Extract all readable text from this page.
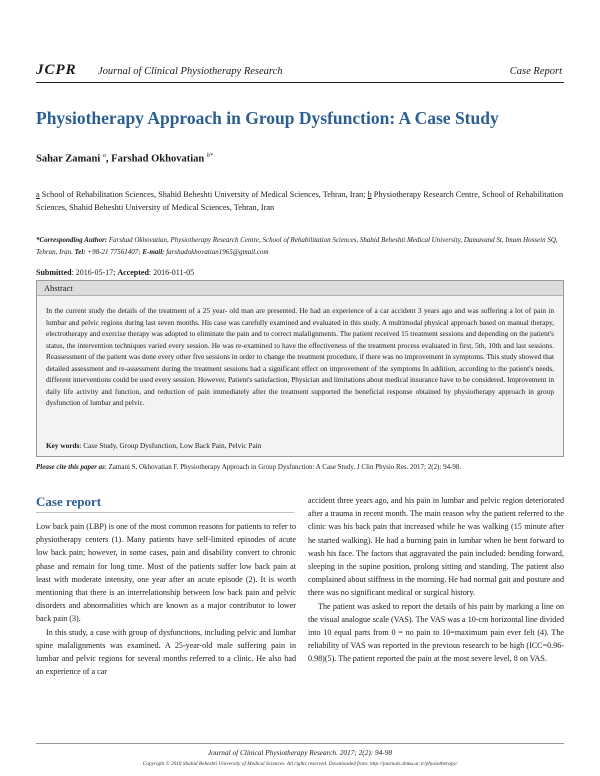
JCPR Journal of Clinical Physiotherapy Research	Case Report
Physiotherapy Approach in Group Dysfunction: A Case Study
Sahar Zamani $^a$, Farshad Okhovatian $^{b*}$
a School of Rehabilitation Sciences, Shahid Beheshti University of Medical Sciences, Tehran, Iran; b Physiotherapy Research Centre, School of Rehabilitation Sciences, Shahid Beheshti University of Medical Sciences, Tehran, Iran
*Corresponding Author: Farshad Okhovatian, Physiotherapy Research Centre, School of Rehabilitation Sciences, Shahid Beheshti Medical University, Damavand St, Imam Hossein SQ, Tehran, Iran. Tel: +98-21 77561407; E-mail: farshadokhovatian1965@gmail.com
Submitted: 2016-05-17; Accepted: 2016-011-05
Abstract
In the current study the details of the treatment of a 25 year- old man are presented. He had an experience of a car accident 3 years ago and was suffering a lot of pain in lumbar and pelvic regions during last seven months. His case was carefully examined and evaluated in this study. A multimodal physical approach based on manual therapy, electrotherapy and exercise therapy was adopted to eliminate the pain and to correct malalignments. The patient received 15 treatment sessions and depending on the patient's status, the intervention techniques varied every session. He was re-examined to have the effectiveness of the treatment process evaluated in first, 5th, 10th and last sessions. Reassessment of the patient was done every other five sessions in order to change the treatment procedure, if there was no improvement in symptoms. This study showed that detailed assessment and re-assessment during the treatment sessions had a significant effect on improvement of the symptoms In addition, according to the patient's needs, different interventions could be used every session. However, Patient's satisfaction, Physician and limitations about medical insurance have to be considered. Improvement in daily life activity and function, and reduction of pain immediately after the treatment supported the beneficial response obtained by physiotherapy approach in group dysfunction of lumbar and pelvic.
Key words: Case Study, Group Dysfunction, Low Back Pain, Pelvic Pain
Please cite this paper as: Zamani S, Okhovatian F. Physiotherapy Approach in Group Dysfunction: A Case Study. J Clin Physio Res. 2017; 2(2): 94-98.
Case report

Low back pain (LBP) is one of the most common reasons for patients to refer to physiotherapy centers (1). Many patients have self-limited episodes of acute low back pain; however, in some cases, pain and disability convert to chronic phase and remain for long time. Most of the patients suffer low back pain at least with moderate intensity, one year after an acute episode (2). It is worth mentioning that there is an interrelationship between low back pain and pelvic disorders and abnormalities which are known as a major contributor to lower back pain (3).

In this study, a case with group of dysfunctions, including pelvic and lumbar spine malalignments was examined. A 25-year-old male suffering pain in lumbar and pelvic regions for several months referred to a clinic. He also had an experience of a car

accident three years ago, and his pain in lumbar and pelvic region deteriorated after a trauma in recent month. The main reason why the patient referred to the clinic was his back pain that increased while he was walking (15 minute after he started walking). He had a burning pain in lumbar when he bent forward to wash his face. The factors that aggravated the pain included: bending forward, sleeping in the supine position, prolong sitting and standing. The patient also complained about stiffness in the morning. He had normal gait and posture and there was no significant medical or surgical history.

The patient was asked to report the details of his pain by marking a line on the visual analogue scale (VAS). The VAS was a 10-cm horizontal line divided into 10 equal parts from 0 = no pain to 10=maximum pain ever felt (4). The reliability of VAS was reported in the previous research to be high (ICC=0.96-0.98)(5). The patient reported the pain at the most severe level, 8 on VAS.

Journal of Clinical Physiotherapy Research. 2017; 2(2): 94-98
Copyright © 2016 Shahid Beheshti University of Medical Sciences. All rights reserved. Downloaded from: http://journals.sbmu.ac.ir/physiotherapy/
